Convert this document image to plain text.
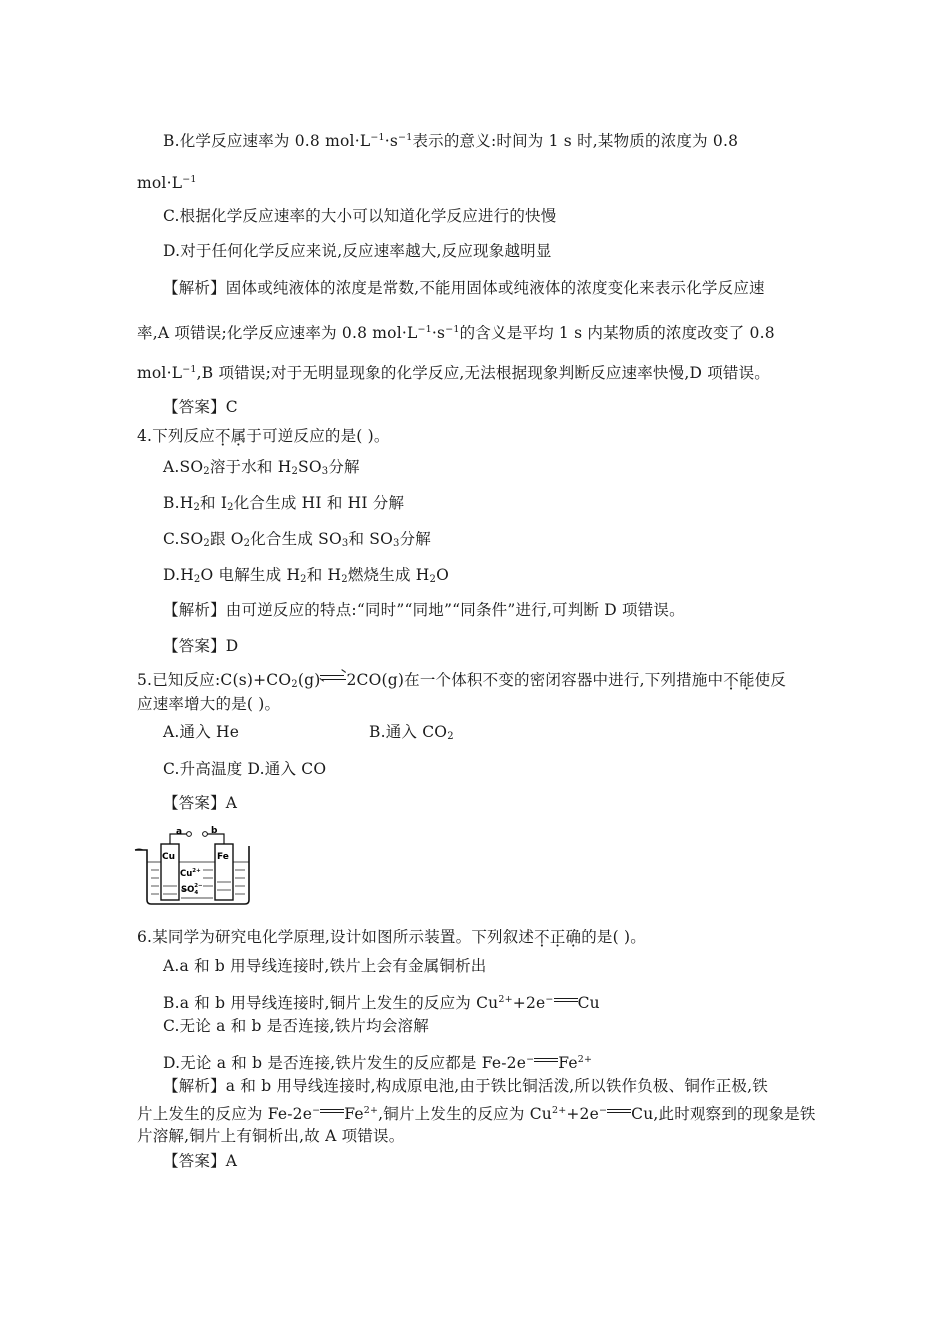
B.化学反应速率为 0.8 $mol\cdot L^{-1}\cdot s^{-1}$表示的意义:时间为 1 s 时,某物质的浓度为 0.8
$mol\cdot L^{-1}$
C.根据化学反应速率的大小可以知道化学反应进行的快慢
D.对于任何化学反应来说,反应速率越大,反应现象越明显
【解析】固体或纯液体的浓度是常数,不能用固体或纯液体的浓度变化来表示化学反应速
率,A 项错误;化学反应速率为 0.8 $mol\cdot L^{-1}\cdot s^{-1}$的含义是平均 1 s 内某物质的浓度改变了 0.8
$mol\cdot L^{-1},B$ 项错误;对于无明显现象的化学反应,无法根据现象判断反应速率快慢,D 项错误。
【答案】C
4.下列反应不属于可逆反应的是( )。
$A.SO_2$溶于水和 $H_2SO_3$分解
$B.H_2$和 $I_2$化合生成 HI 和 HI 分解
$C.SO_2$跟 $O_2$化合生成 $SO_3$和 $SO_3$分解
$D.H_2O$ 电解生成 $H_2$和 $H_2$燃烧生成 $H_2O$
【解析】由可逆反应的特点:“同时”“同地”“同条件”进行,可判断 D 项错误。
【答案】D
5.已知反应$:C(s)+CO_2(g)$ 2CO(g)在一个体积不变的密闭容器中进行,下列措施中不能使反
应速率增大的是( )。
A.通入 He	B.通入 $CO_2$
C.升高温度 D.通入 CO
【答案】A
a	b
Cu	Fe
$Cu^{2+}$
$SO_42-$
6.某同学为研究电化学原理,设计如图所示装置。下列叙述不正确的是( )。
A.a 和 b 用导线连接时,铁片上会有金属铜析出
B.a 和 b 用导线连接时,铜片上发生的反应为 $Cu^{2+}+2e^-$ Cu
C.无论 a 和 b 是否连接,铁片均会溶解
D.无论 a 和 b 是否连接,铁片发生的反应都是 Fe-2e− $Fe^{2+}$
【解析】a 和 b 用导线连接时,构成原电池,由于铁比铜活泼,所以铁作负极、铜作正极,铁
片上发生的反应为 Fe-2e− $Fe^{2+}$,铜片上发生的反应为 $Cu^{2+}+2e^-$ Cu,此时观察到的现象是铁
片溶解,铜片上有铜析出,故 A 项错误。
【答案】A
